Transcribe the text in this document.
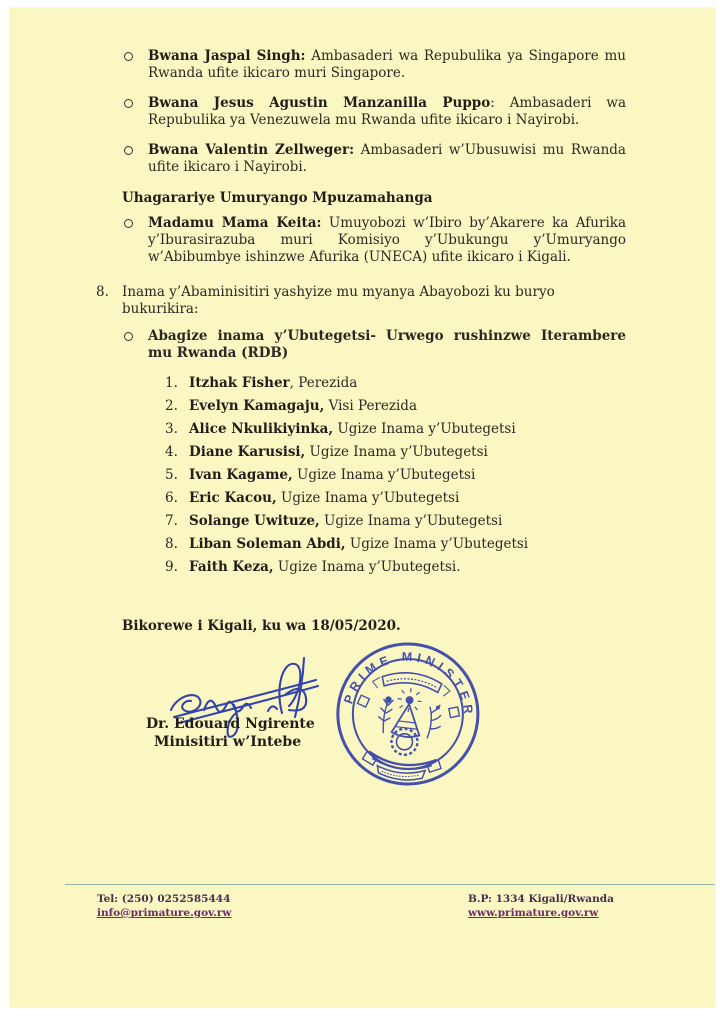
Bwana Jaspal Singh: Ambasaderi wa Repubulika ya Singapore mu Rwanda ufite ikicaro muri Singapore.
Bwana Jesus Agustin Manzanilla Puppo: Ambasaderi wa Repubulika ya Venezuwela mu Rwanda ufite ikicaro i Nayirobi.
Bwana Valentin Zellweger: Ambasaderi w’Ubusuwisi mu Rwanda ufite ikicaro i Nayirobi.
Uhagarariye Umuryango Mpuzamahanga
Madamu Mama Keita: Umuyobozi w’Ibiro by’Akarere ka Afurika y’Iburasirazuba muri Komisiyo y’Ubukungu y’Umuryango w’Abibumbye ishinzwe Afurika (UNECA) ufite ikicaro i Kigali.
8. Inama y’Abaminisitiri yashyize mu myanya Abayobozi ku buryo bukurikira:
Abagize inama y’Ubutegetsi- Urwego rushinzwe Iterambere mu Rwanda (RDB)
1. Itzhak Fisher, Perezida
2. Evelyn Kamagaju, Visi Perezida
3. Alice Nkulikiyinka, Ugize Inama y’Ubutegetsi
4. Diane Karusisi, Ugize Inama y’Ubutegetsi
5. Ivan Kagame, Ugize Inama y’Ubutegetsi
6. Eric Kacou, Ugize Inama y’Ubutegetsi
7. Solange Uwituze, Ugize Inama y’Ubutegetsi
8. Liban Soleman Abdi, Ugize Inama y’Ubutegetsi
9. Faith Keza, Ugize Inama y’Ubutegetsi.
Bikorewe i Kigali, ku wa 18/05/2020.
PRIME MINISTER
Dr. Edouard Ngirente
Minisitiri w’Intebe
Tel: (250) 0252585444
info@primature.gov.rw
B.P: 1334 Kigali/Rwanda
www.primature.gov.rw
